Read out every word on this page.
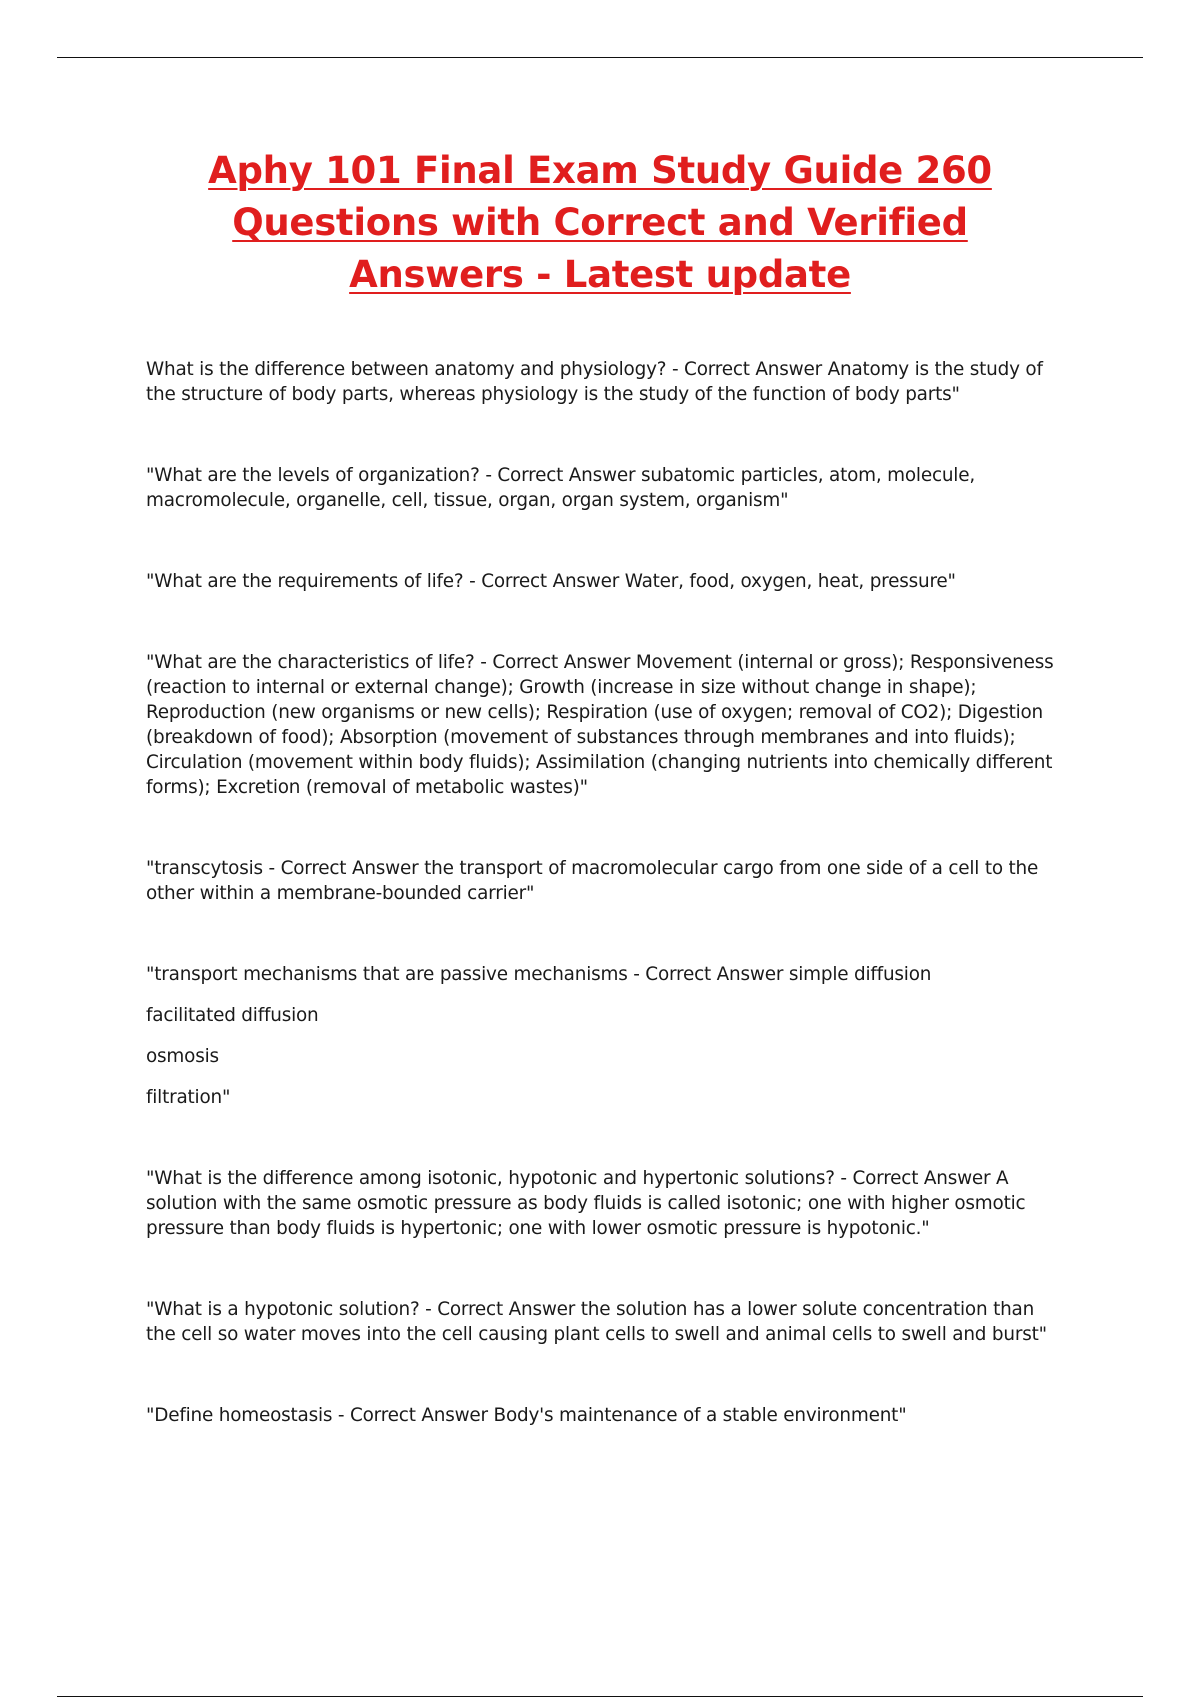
Aphy 101 Final Exam Study Guide 260 Questions with Correct and Verified Answers - Latest update

What is the difference between anatomy and physiology? - Correct Answer Anatomy is the study of the structure of body parts, whereas physiology is the study of the function of body parts"

"What are the levels of organization? - Correct Answer subatomic particles, atom, molecule, macromolecule, organelle, cell, tissue, organ, organ system, organism"

"What are the requirements of life? - Correct Answer Water, food, oxygen, heat, pressure"

"What are the characteristics of life? - Correct Answer Movement (internal or gross); Responsiveness (reaction to internal or external change); Growth (increase in size without change in shape); Reproduction (new organisms or new cells); Respiration (use of oxygen; removal of CO2); Digestion (breakdown of food); Absorption (movement of substances through membranes and into fluids); Circulation (movement within body fluids); Assimilation (changing nutrients into chemically different forms); Excretion (removal of metabolic wastes)"

"transcytosis - Correct Answer the transport of macromolecular cargo from one side of a cell to the other within a membrane-bounded carrier"

"transport mechanisms that are passive mechanisms - Correct Answer simple diffusion

facilitated diffusion

osmosis

filtration"

"What is the difference among isotonic, hypotonic and hypertonic solutions? - Correct Answer A solution with the same osmotic pressure as body fluids is called isotonic; one with higher osmotic pressure than body fluids is hypertonic; one with lower osmotic pressure is hypotonic."

"What is a hypotonic solution? - Correct Answer the solution has a lower solute concentration than the cell so water moves into the cell causing plant cells to swell and animal cells to swell and burst"

"Define homeostasis - Correct Answer Body's maintenance of a stable environment"
